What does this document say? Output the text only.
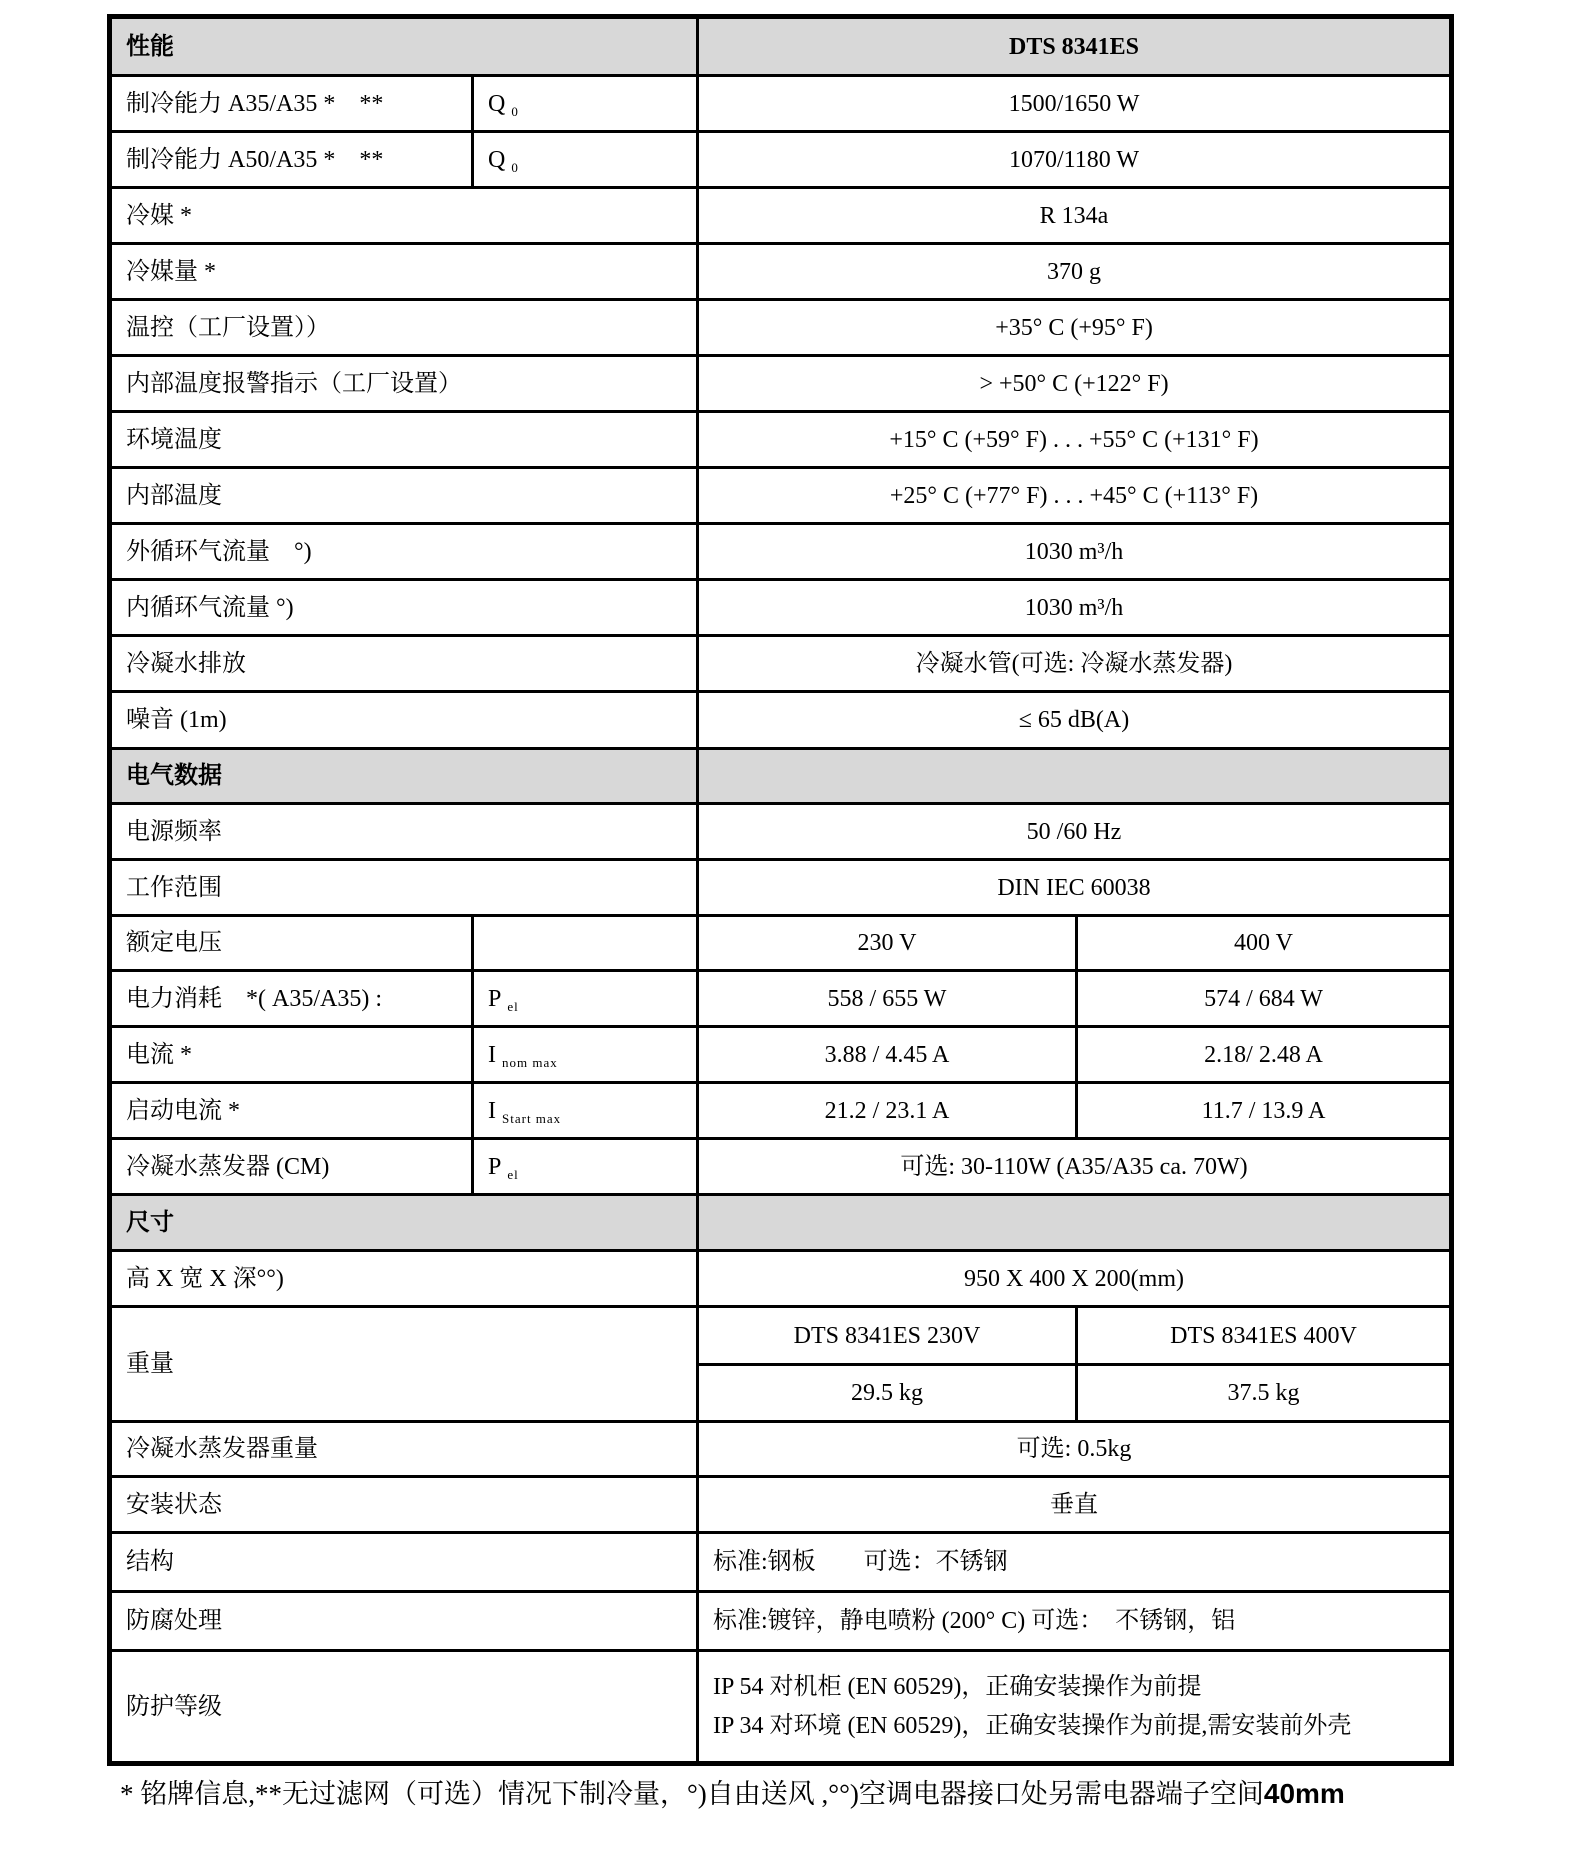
性能		DTS 8341ES	
制冷能力 A35/A35 *　**	Q $_0$	1500/1650 W	
制冷能力 A50/A35 *　**	Q $_0$	1070/1180 W	
冷媒 *		R 134a	
冷媒量 *		370 g	
温控（工厂设置））		+35° C (+95° F)	
内部温度报警指示（工厂设置）		> +50° C (+122° F)	
环境温度		+15° C (+59° F) . . . +55° C (+131° F)	
内部温度		+25° C (+77° F) . . . +45° C (+113° F)	
外循环气流量　°)		1030 m³/h	
内循环气流量 °)		1030 m³/h	
冷凝水排放		冷凝水管(可选: 冷凝水蒸发器)	
噪音 (1m)		≤ 65 dB(A)	
电气数据			
电源频率		50 /60 Hz	
工作范围		DIN IEC 60038	
额定电压		230 V	400 V
电力消耗　*( A35/A35) :	P $_{el}$	558 / 655 W	574 / 684 W
电流 *	I $_{nom max}$	3.88 / 4.45 A	2.18/ 2.48 A
启动电流 *	I $_{Start max}$	21.2 / 23.1 A	11.7 / 13.9 A
冷凝水蒸发器 (CM)	P $_{el}$	可选: 30-110W (A35/A35 ca. 70W)	
尺寸			
高 X 宽 X 深°°)		950 X 400 X 200(mm)	
重量		DTS 8341ES 230V	DTS 8341ES 400V
		29.5 kg	37.5 kg
冷凝水蒸发器重量		可选: 0.5kg	
安装状态		垂直	
结构		标准:钢板　　可选：不锈钢	
防腐处理		标准:镀锌，静电喷粉 (200° C) 可选：　不锈钢，铝	
防护等级		IP 54 对机柜 (EN 60529)，正确安装操作为前提
IP 34 对环境 (EN 60529)，正确安装操作为前提,需安装前外壳	
* 铭牌信息,**无过滤网（可选）情况下制冷量，°)自由送风 ,°°)空调电器接口处另需电器端子空间40mm
